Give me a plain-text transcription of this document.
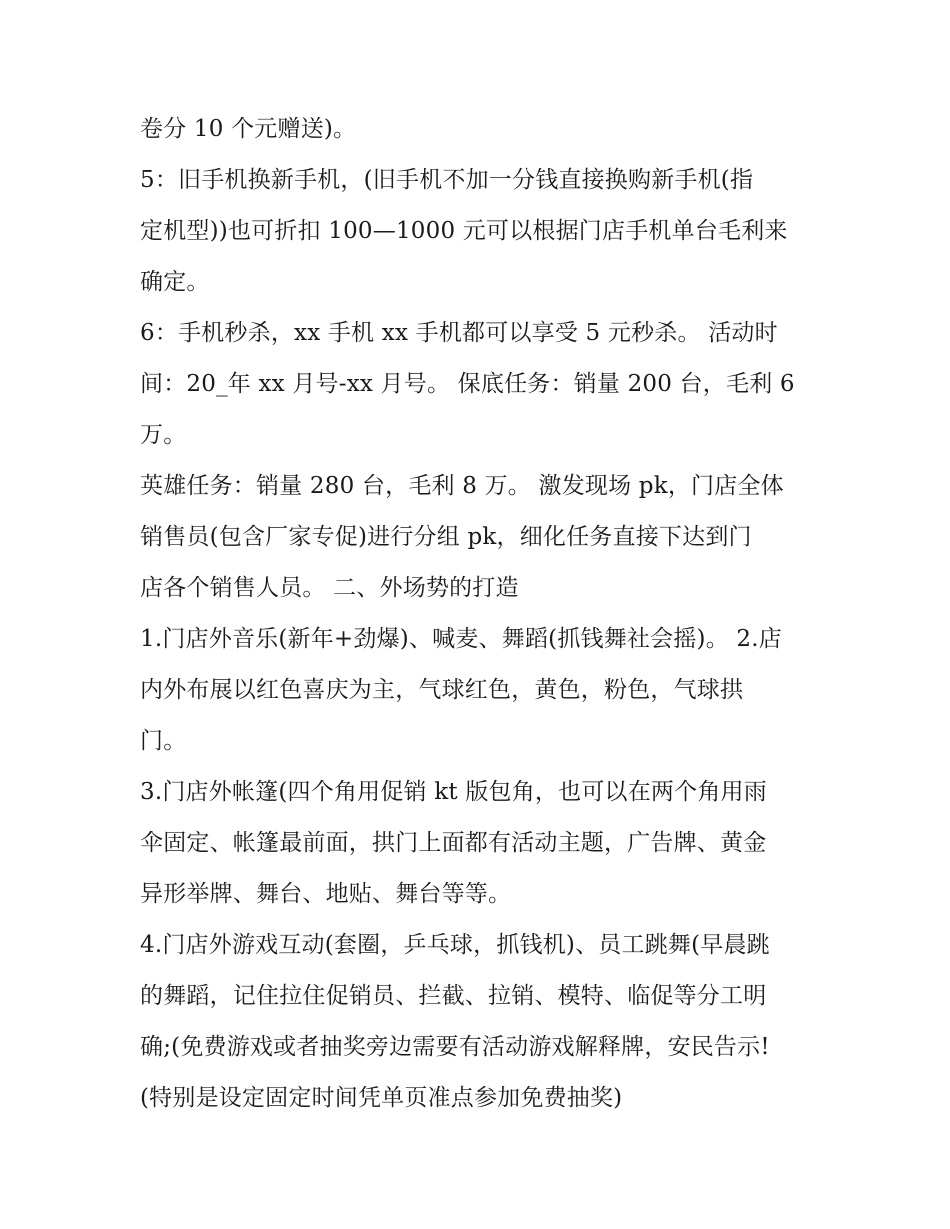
卷分 10 个元赠送)。
5：旧手机换新手机，(旧手机不加一分钱直接换购新手机(指
定机型))也可折扣 100—1000 元可以根据门店手机单台毛利来
确定。
6：手机秒杀，xx 手机 xx 手机都可以享受 5 元秒杀。 活动时
间：20_年 xx 月号-xx 月号。 保底任务：销量 200 台，毛利 6
万。
英雄任务：销量 280 台，毛利 8 万。 激发现场 pk，门店全体
销售员(包含厂家专促)进行分组 pk，细化任务直接下达到门
店各个销售人员。 二、外场势的打造
1.门店外音乐(新年+劲爆)、喊麦、舞蹈(抓钱舞社会摇)。 2.店
内外布展以红色喜庆为主，气球红色，黄色，粉色，气球拱
门。
3.门店外帐篷(四个角用促销 kt 版包角，也可以在两个角用雨
伞固定、帐篷最前面，拱门上面都有活动主题，广告牌、黄金
异形举牌、舞台、地贴、舞台等等。
4.门店外游戏互动(套圈，乒乓球，抓钱机)、员工跳舞(早晨跳
的舞蹈，记住拉住促销员、拦截、拉销、模特、临促等分工明
确;(免费游戏或者抽奖旁边需要有活动游戏解释牌，安民告示!
(特别是设定固定时间凭单页准点参加免费抽奖)
